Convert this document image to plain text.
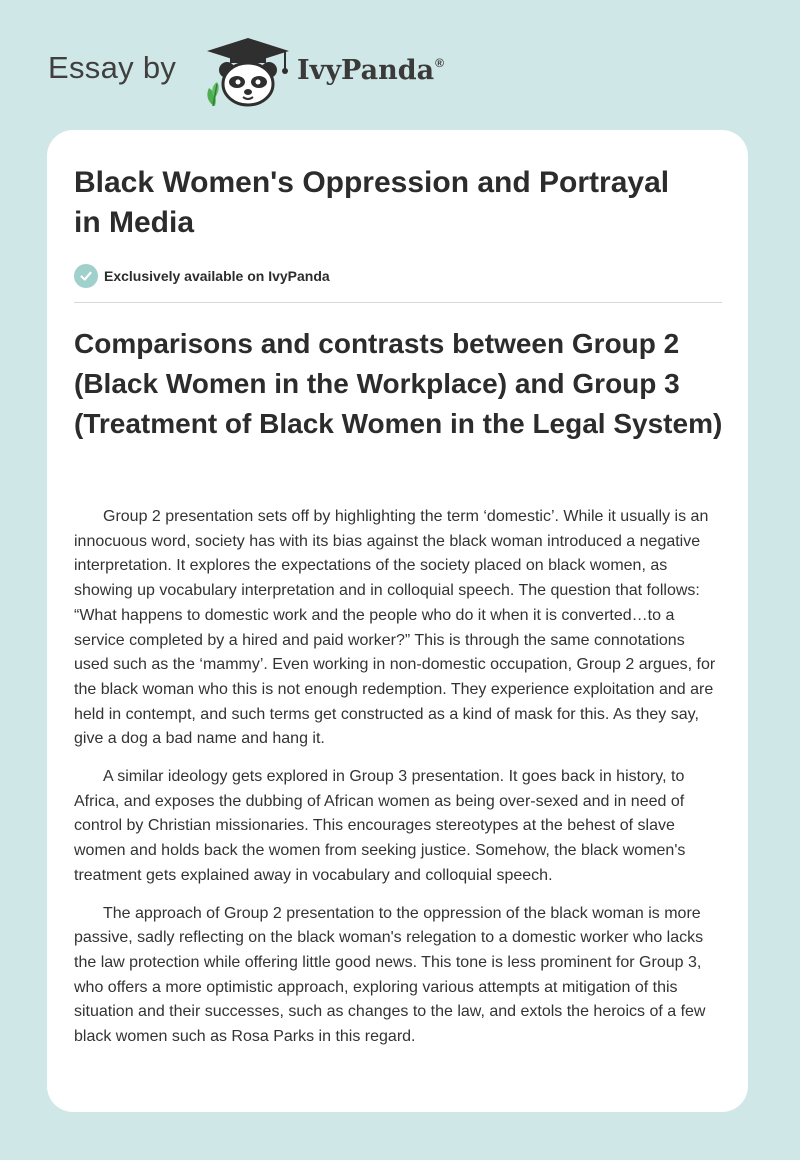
Essay by	IvyPanda®
Black Women's Oppression and Portrayal in Media
Exclusively available on IvyPanda
Comparisons and contrasts between Group 2 (Black Women in the Workplace) and Group 3 (Treatment of Black Women in the Legal System)

Group 2 presentation sets off by highlighting the term ‘domestic’. While it usually is an innocuous word, society has with its bias against the black woman introduced a negative interpretation. It explores the expectations of the society placed on black women, as showing up vocabulary interpretation and in colloquial speech. The question that follows: “What happens to domestic work and the people who do it when it is converted…to a service completed by a hired and paid worker?” This is through the same connotations used such as the ‘mammy’. Even working in non-domestic occupation, Group 2 argues, for the black woman who this is not enough redemption. They experience exploitation and are held in contempt, and such terms get constructed as a kind of mask for this. As they say, give a dog a bad name and hang it.

A similar ideology gets explored in Group 3 presentation. It goes back in history, to Africa, and exposes the dubbing of African women as being over-sexed and in need of control by Christian missionaries. This encourages stereotypes at the behest of slave women and holds back the women from seeking justice. Somehow, the black women's treatment gets explained away in vocabulary and colloquial speech.

The approach of Group 2 presentation to the oppression of the black woman is more passive, sadly reflecting on the black woman's relegation to a domestic worker who lacks the law protection while offering little good news. This tone is less prominent for Group 3, who offers a more optimistic approach, exploring various attempts at mitigation of this situation and their successes, such as changes to the law, and extols the heroics of a few black women such as Rosa Parks in this regard.
